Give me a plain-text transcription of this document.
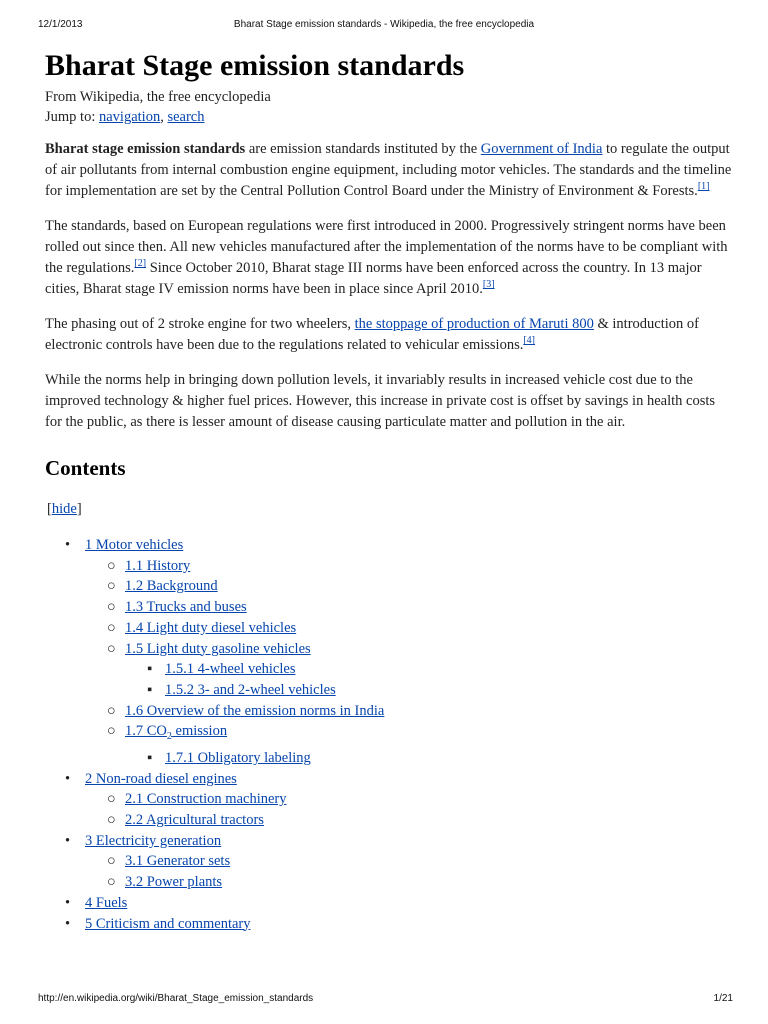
12/1/2013	Bharat Stage emission standards - Wikipedia, the free encyclopedia
Bharat Stage emission standards
From Wikipedia, the free encyclopedia
Jump to: navigation, search

Bharat stage emission standards are emission standards instituted by the Government of India to regulate the output of air pollutants from internal combustion engine equipment, including motor vehicles. The standards and the timeline for implementation are set by the Central Pollution Control Board under the Ministry of Environment & Forests.[1]

The standards, based on European regulations were first introduced in 2000. Progressively stringent norms have been rolled out since then. All new vehicles manufactured after the implementation of the norms have to be compliant with the regulations.[2] Since October 2010, Bharat stage III norms have been enforced across the country. In 13 major cities, Bharat stage IV emission norms have been in place since April 2010.[3]

The phasing out of 2 stroke engine for two wheelers, the stoppage of production of Maruti 800 & introduction of electronic controls have been due to the regulations related to vehicular emissions.[4]

While the norms help in bringing down pollution levels, it invariably results in increased vehicle cost due to the improved technology & higher fuel prices. However, this increase in private cost is offset by savings in health costs for the public, as there is lesser amount of disease causing particulate matter and pollution in the air.

Contents
[hide]
• 1 Motor vehicles
○ 1.1 History
○ 1.2 Background
○ 1.3 Trucks and buses
○ 1.4 Light duty diesel vehicles
○ 1.5 Light duty gasoline vehicles
▪ 1.5.1 4-wheel vehicles
▪ 1.5.2 3- and 2-wheel vehicles
○ 1.6 Overview of the emission norms in India
○ 1.7 $CO_2$ emission
▪ 1.7.1 Obligatory labeling
• 2 Non-road diesel engines
○ 2.1 Construction machinery
○ 2.2 Agricultural tractors
• 3 Electricity generation
○ 3.1 Generator sets
○ 3.2 Power plants
• 4 Fuels
• 5 Criticism and commentary
http://en.wikipedia.org/wiki/Bharat_Stage_emission_standards	1/21
